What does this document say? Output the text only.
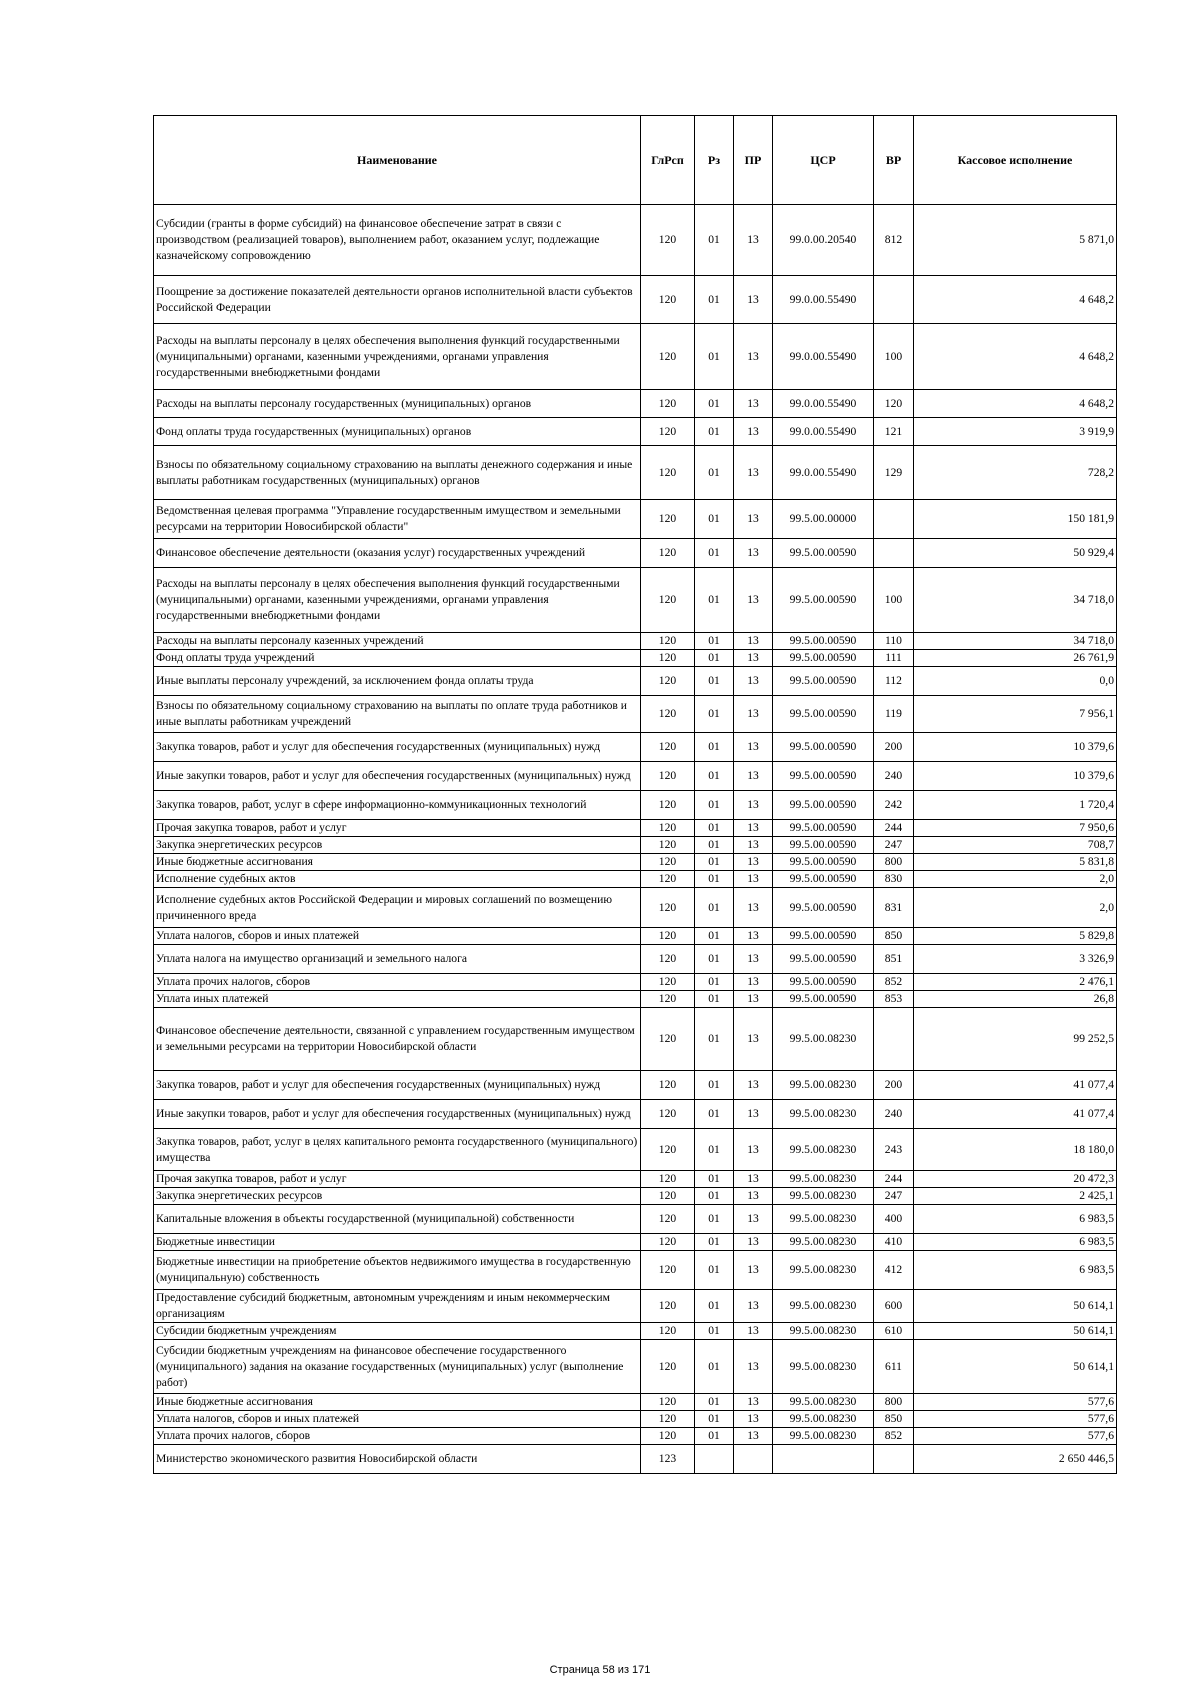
Наименование	ГлРсп	Рз	ПР	ЦСР	ВР	Кассовое исполнение
Субсидии (гранты в форме субсидий) на финансовое обеспечение затрат в связи с производством (реализацией товаров), выполнением работ, оказанием услуг, подлежащие казначейскому сопровождению	120	01	13	99.0.00.20540	812	5 871,0
Поощрение за достижение показателей деятельности органов исполнительной власти субъектов Российской Федерации	120	01	13	99.0.00.55490		4 648,2
Расходы на выплаты персоналу в целях обеспечения выполнения функций государственными (муниципальными) органами, казенными учреждениями, органами управления государственными внебюджетными фондами	120	01	13	99.0.00.55490	100	4 648,2
Расходы на выплаты персоналу государственных (муниципальных) органов	120	01	13	99.0.00.55490	120	4 648,2
Фонд оплаты труда государственных (муниципальных) органов	120	01	13	99.0.00.55490	121	3 919,9
Взносы по обязательному социальному страхованию на выплаты денежного содержания и иные выплаты работникам государственных (муниципальных) органов	120	01	13	99.0.00.55490	129	728,2
Ведомственная целевая программа "Управление государственным имуществом и земельными ресурсами на территории Новосибирской области"	120	01	13	99.5.00.00000		150 181,9
Финансовое обеспечение деятельности (оказания услуг) государственных учреждений	120	01	13	99.5.00.00590		50 929,4
Расходы на выплаты персоналу в целях обеспечения выполнения функций государственными (муниципальными) органами, казенными учреждениями, органами управления государственными внебюджетными фондами	120	01	13	99.5.00.00590	100	34 718,0
Расходы на выплаты персоналу казенных учреждений	120	01	13	99.5.00.00590	110	34 718,0
Фонд оплаты труда учреждений	120	01	13	99.5.00.00590	111	26 761,9
Иные выплаты персоналу учреждений, за исключением фонда оплаты труда	120	01	13	99.5.00.00590	112	0,0
Взносы по обязательному социальному страхованию на выплаты по оплате труда работников и иные выплаты работникам учреждений	120	01	13	99.5.00.00590	119	7 956,1
Закупка товаров, работ и услуг для обеспечения государственных (муниципальных) нужд	120	01	13	99.5.00.00590	200	10 379,6
Иные закупки товаров, работ и услуг для обеспечения государственных (муниципальных) нужд	120	01	13	99.5.00.00590	240	10 379,6
Закупка товаров, работ, услуг в сфере информационно-коммуникационных технологий	120	01	13	99.5.00.00590	242	1 720,4
Прочая закупка товаров, работ и услуг	120	01	13	99.5.00.00590	244	7 950,6
Закупка энергетических ресурсов	120	01	13	99.5.00.00590	247	708,7
Иные бюджетные ассигнования	120	01	13	99.5.00.00590	800	5 831,8
Исполнение судебных актов	120	01	13	99.5.00.00590	830	2,0
Исполнение судебных актов Российской Федерации и мировых соглашений по возмещению причиненного вреда	120	01	13	99.5.00.00590	831	2,0
Уплата налогов, сборов и иных платежей	120	01	13	99.5.00.00590	850	5 829,8
Уплата налога на имущество организаций и земельного налога	120	01	13	99.5.00.00590	851	3 326,9
Уплата прочих налогов, сборов	120	01	13	99.5.00.00590	852	2 476,1
Уплата иных платежей	120	01	13	99.5.00.00590	853	26,8
Финансовое обеспечение деятельности, связанной с управлением государственным имуществом и земельными ресурсами на территории Новосибирской области	120	01	13	99.5.00.08230		99 252,5
Закупка товаров, работ и услуг для обеспечения государственных (муниципальных) нужд	120	01	13	99.5.00.08230	200	41 077,4
Иные закупки товаров, работ и услуг для обеспечения государственных (муниципальных) нужд	120	01	13	99.5.00.08230	240	41 077,4
Закупка товаров, работ, услуг в целях капитального ремонта государственного (муниципального) имущества	120	01	13	99.5.00.08230	243	18 180,0
Прочая закупка товаров, работ и услуг	120	01	13	99.5.00.08230	244	20 472,3
Закупка энергетических ресурсов	120	01	13	99.5.00.08230	247	2 425,1
Капитальные вложения в объекты государственной (муниципальной) собственности	120	01	13	99.5.00.08230	400	6 983,5
Бюджетные инвестиции	120	01	13	99.5.00.08230	410	6 983,5
Бюджетные инвестиции на приобретение объектов недвижимого имущества в государственную (муниципальную) собственность	120	01	13	99.5.00.08230	412	6 983,5
Предоставление субсидий бюджетным, автономным учреждениям и иным некоммерческим организациям	120	01	13	99.5.00.08230	600	50 614,1
Субсидии бюджетным учреждениям	120	01	13	99.5.00.08230	610	50 614,1
Субсидии бюджетным учреждениям на финансовое обеспечение государственного (муниципального) задания на оказание государственных (муниципальных) услуг (выполнение работ)	120	01	13	99.5.00.08230	611	50 614,1
Иные бюджетные ассигнования	120	01	13	99.5.00.08230	800	577,6
Уплата налогов, сборов и иных платежей	120	01	13	99.5.00.08230	850	577,6
Уплата прочих налогов, сборов	120	01	13	99.5.00.08230	852	577,6
Министерство экономического развития Новосибирской области	123					2 650 446,5
Страница 58 из 171
